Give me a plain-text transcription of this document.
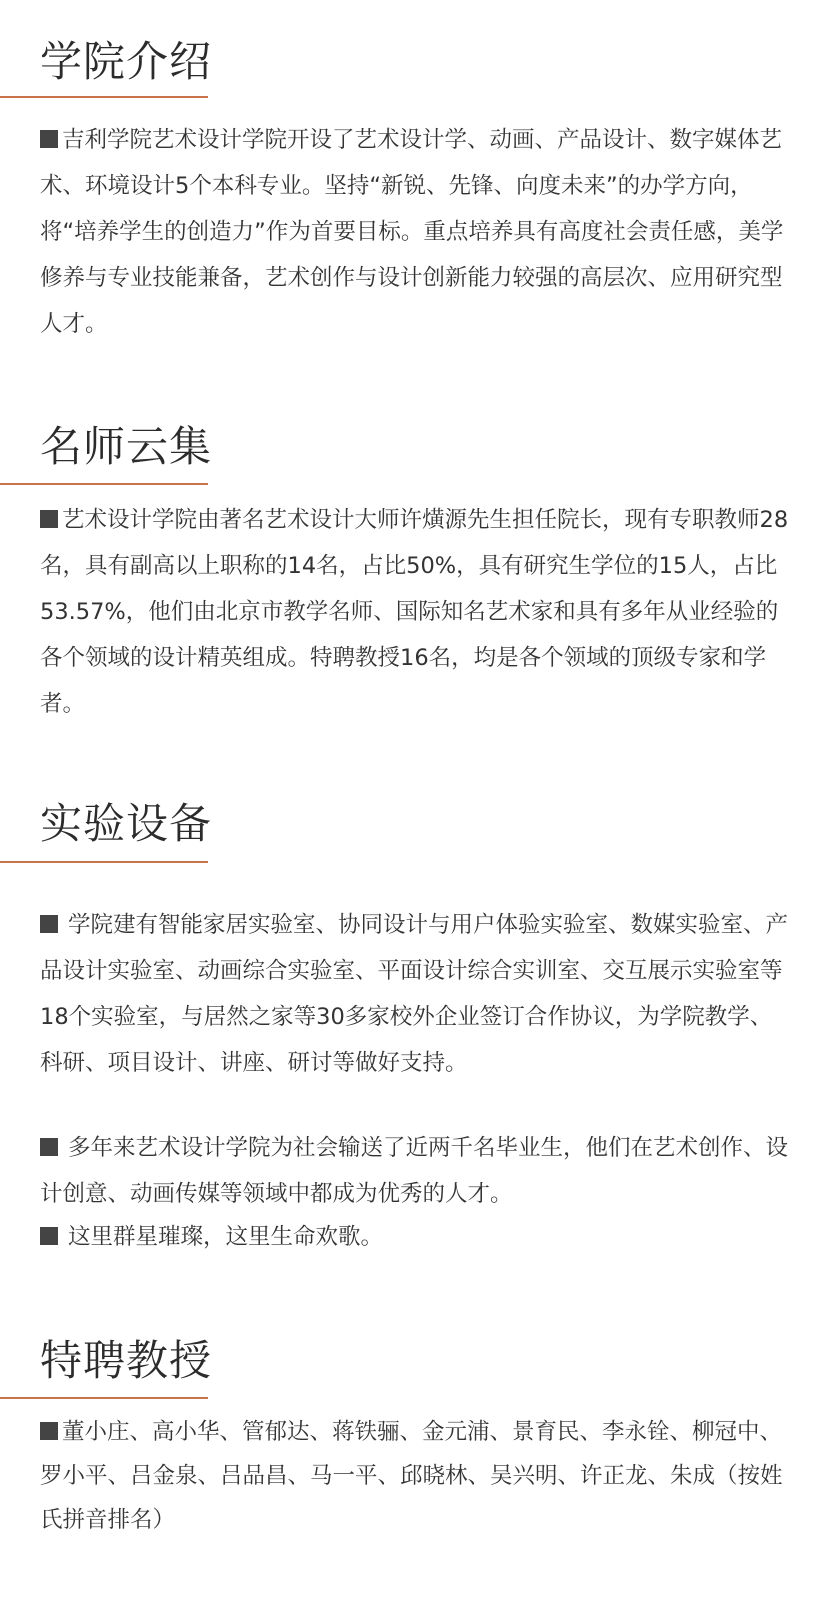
学院介绍

吉利学院艺术设计学院开设了艺术设计学、动画、产品设计、数字媒体艺术、环境设计5个本科专业。坚持“新锐、先锋、向度未来”的办学方向，将“培养学生的创造力”作为首要目标。重点培养具有高度社会责任感，美学修养与专业技能兼备，艺术创作与设计创新能力较强的高层次、应用研究型人才。

名师云集

艺术设计学院由著名艺术设计大师许熿源先生担任院长，现有专职教师28名，具有副高以上职称的14名，占比50%，具有研究生学位的15人，占比53.57%，他们由北京市教学名师、国际知名艺术家和具有多年从业经验的各个领域的设计精英组成。特聘教授16名，均是各个领域的顶级专家和学者。

实验设备

学院建有智能家居实验室、协同设计与用户体验实验室、数媒实验室、产品设计实验室、动画综合实验室、平面设计综合实训室、交互展示实验室等18个实验室，与居然之家等30多家校外企业签订合作协议，为学院教学、科研、项目设计、讲座、研讨等做好支持。

多年来艺术设计学院为社会输送了近两千名毕业生，他们在艺术创作、设计创意、动画传媒等领域中都成为优秀的人才。

这里群星璀璨，这里生命欢歌。

特聘教授

董小庄、高小华、管郁达、蒋铁骊、金元浦、景育民、李永铨、柳冠中、罗小平、吕金泉、吕品昌、马一平、邱晓林、吴兴明、许正龙、朱成（按姓氏拼音排名）
